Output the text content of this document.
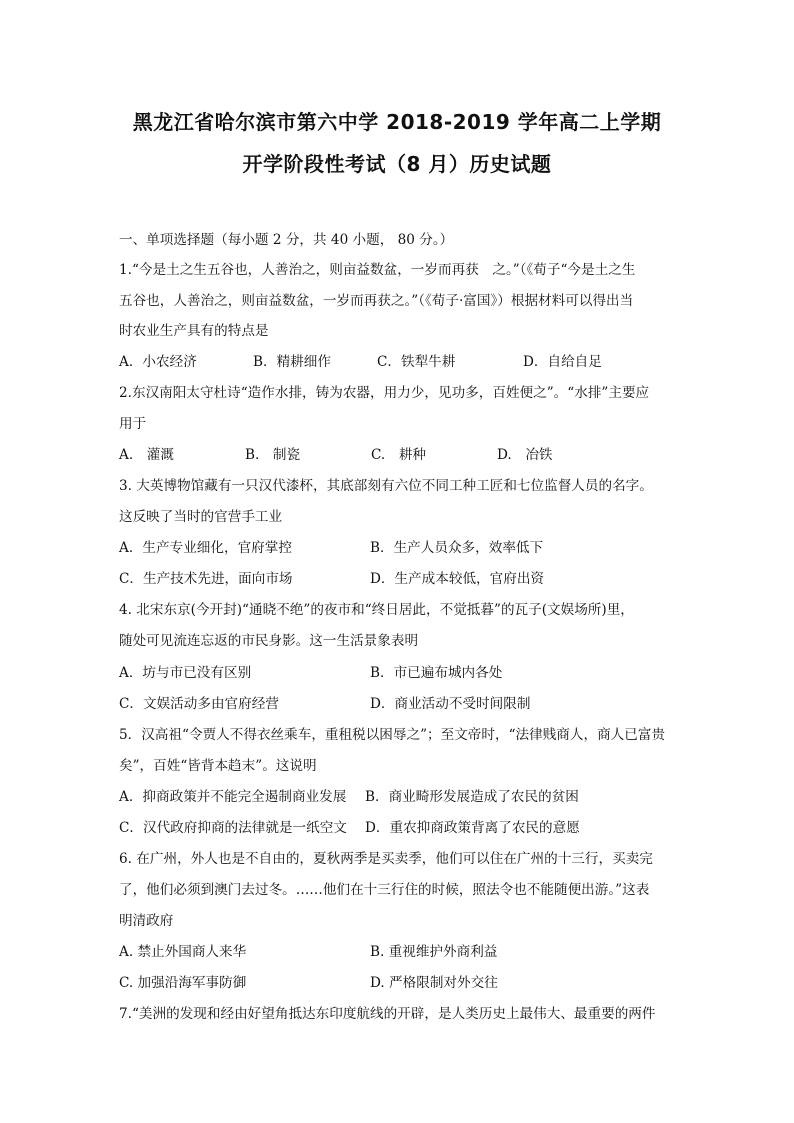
黑龙江省哈尔滨市第六中学 2018-2019 学年高二上学期
开学阶段性考试（8 月）历史试题
一、单项选择题（每小题 2 分，共 40 小题， 80 分。）
1.“今是土之生五谷也，人善治之，则亩益数盆，一岁而再获　之。”（《荀子“今是土之生
五谷也，人善治之，则亩益数盆，一岁而再获之。”（《荀子·富国》）根据材料可以得出当
时农业生产具有的特点是
A．小农经济	B．精耕细作	C．铁犁牛耕	D．自给自足
2.东汉南阳太守杜诗“造作水排，铸为农器，用力少，见功多，百姓便之”。“水排”主要应
用于
A.　灌溉	B.　制瓷	C.　耕种	D.　冶铁
3. 大英博物馆藏有一只汉代漆杯，其底部刻有六位不同工种工匠和七位监督人员的名字。
这反映了当时的官营手工业
A．生产专业细化，官府掌控	B．生产人员众多，效率低下
C．生产技术先进，面向市场	D．生产成本较低，官府出资
4. 北宋东京(今开封)“通晓不绝”的夜市和“终日居此，不觉抵暮”的瓦子(文娱场所)里，
随处可见流连忘返的市民身影。这一生活景象表明
A．坊与市已没有区别	B．市已遍布城内各处
C．文娱活动多由官府经营	D．商业活动不受时间限制
5．汉高祖“令贾人不得衣丝乘车，重租税以困辱之”；至文帝时，“法律贱商人，商人已富贵
矣”，百姓“皆背本趋末”。这说明
A．抑商政策并不能完全遏制商业发展 B．商业畸形发展造成了农民的贫困
C．汉代政府抑商的法律就是一纸空文 D．重农抑商政策背离了农民的意愿
6. 在广州，外人也是不自由的，夏秋两季是买卖季，他们可以住在广州的十三行，买卖完
了，他们必须到澳门去过冬。……他们在十三行住的时候，照法令也不能随便出游。”这表
明清政府
A. 禁止外国商人来华	B. 重视维护外商利益
C. 加强沿海军事防御	D. 严格限制对外交往
7.“美洲的发现和经由好望角抵达东印度航线的开辟，是人类历史上最伟大、最重要的两件
